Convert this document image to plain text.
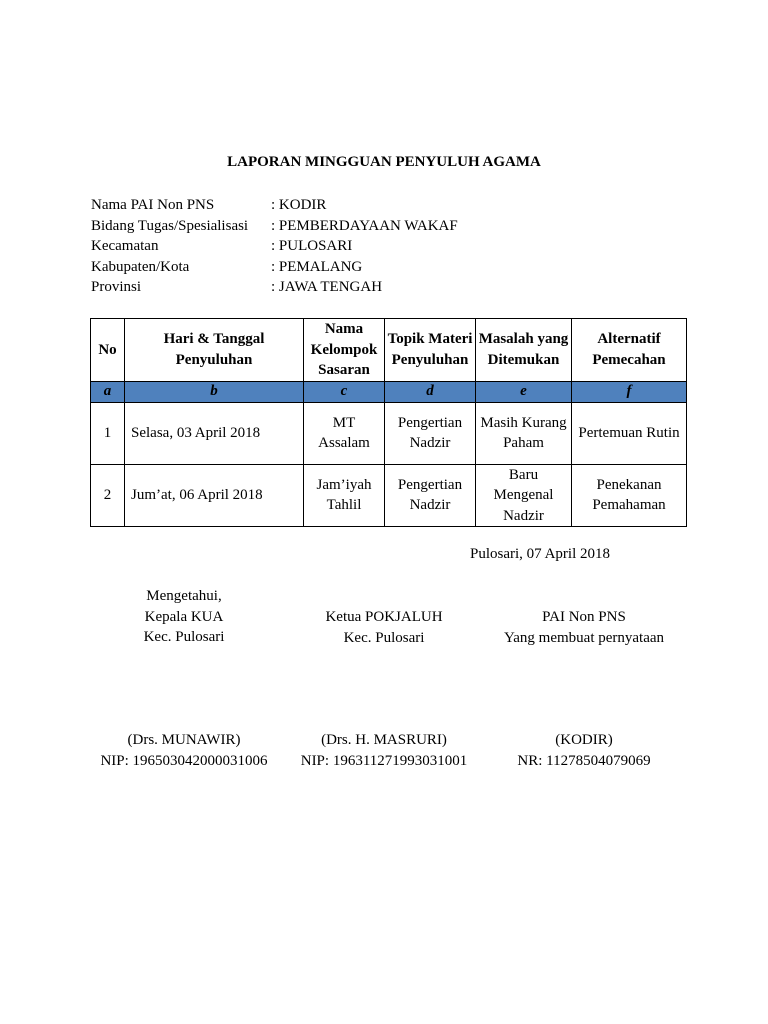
LAPORAN MINGGUAN PENYULUH AGAMA
Nama PAI Non PNS	: KODIR
Bidang Tugas/Spesialisasi : PEMBERDAYAAN WAKAF
Kecamatan	: PULOSARI
Kabupaten/Kota	: PEMALANG
Provinsi	: JAWA TENGAH
No	Hari & Tanggal Penyuluhan	Nama Kelompok Sasaran	Topik Materi Penyuluhan	Masalah yang Ditemukan	Alternatif Pemecahan
a	b	c	d	e	f
1	Selasa, 03 April 2018	MT Assalam	Pengertian Nadzir	Masih Kurang Paham	Pertemuan Rutin
2	Jum’at, 06 April 2018	Jam’iyah Tahlil	Pengertian Nadzir	Baru Mengenal Nadzir	Penekanan Pemahaman
Pulosari, 07 April 2018
Mengetahui,
Kepala KUA
Kec. Pulosari
Ketua POKJALUH
Kec. Pulosari
PAI Non PNS
Yang membuat pernyataan
(Drs. MUNAWIR)
NIP: 196503042000031006
(Drs. H. MASRURI)
NIP: 196311271993031001
(KODIR)
NR: 11278504079069
